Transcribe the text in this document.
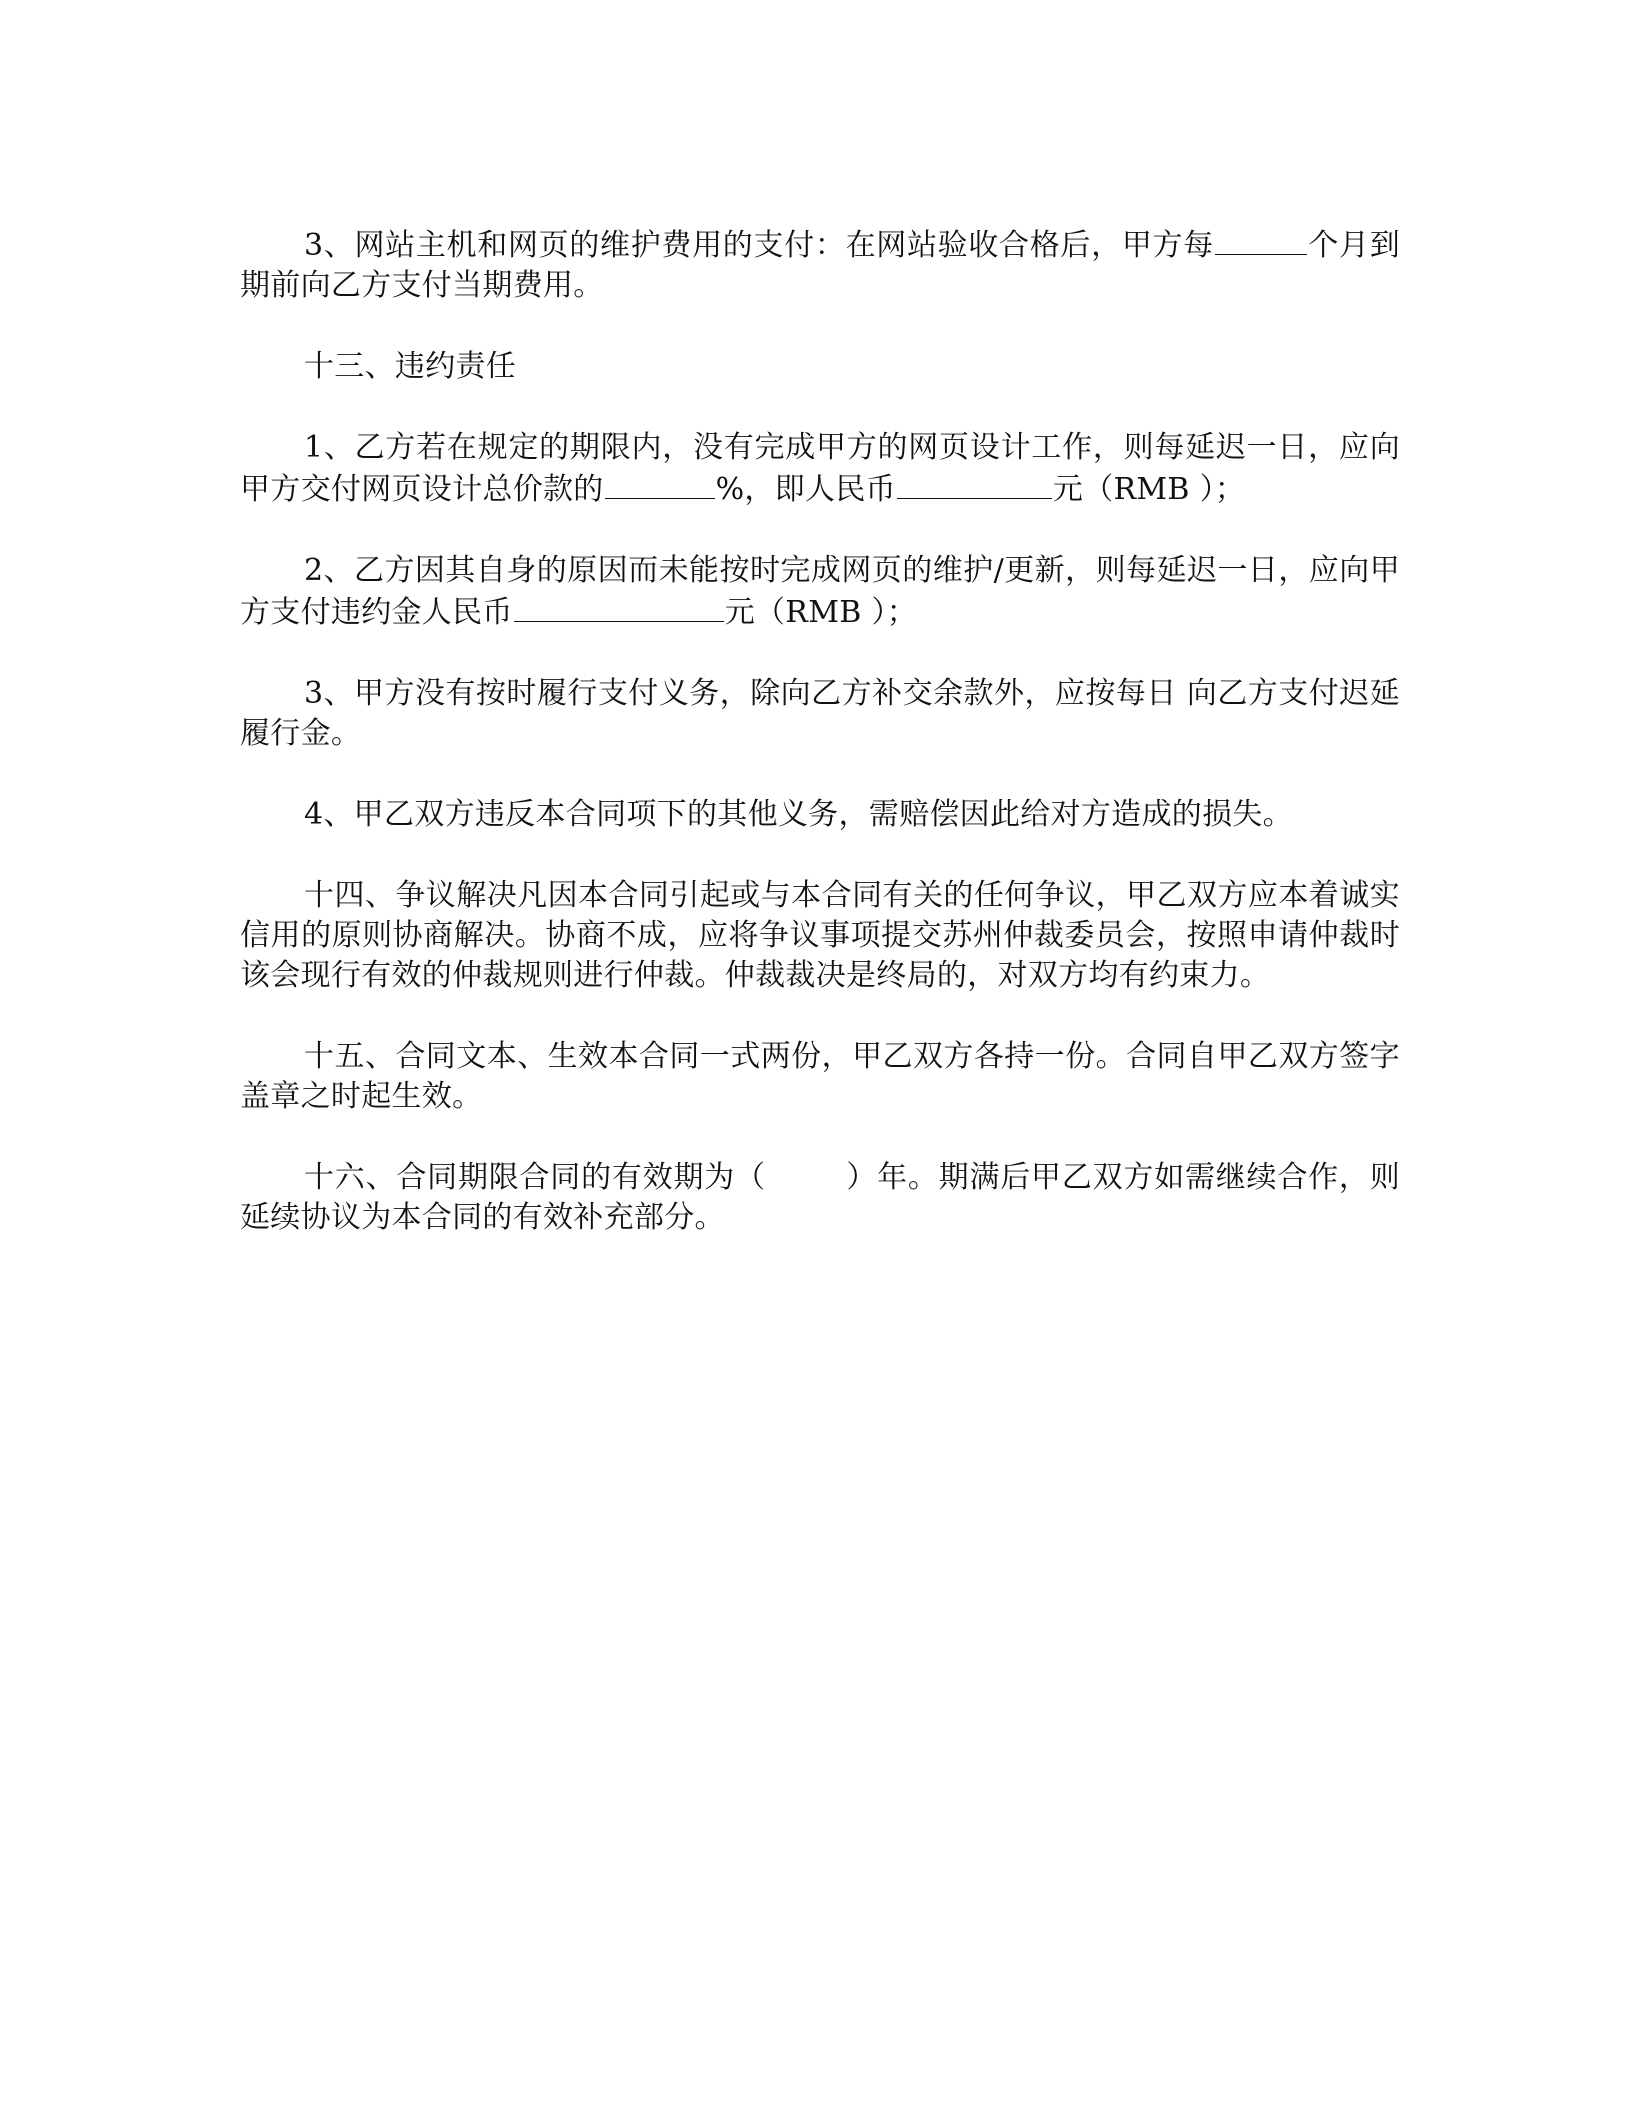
3、网站主机和网页的维护费用的支付：在网站验收合格后，甲方每	个月到期前向乙方支付当期费用。

十三、违约责任

1、乙方若在规定的期限内，没有完成甲方的网页设计工作，则每延迟一日，应向甲方交付网页设计总价款的	%，即人民币	元（RMB ）；

2、乙方因其自身的原因而未能按时完成网页的维护/更新，则每延迟一日，应向甲方支付违约金人民币	元（RMB ）；

3、甲方没有按时履行支付义务，除向乙方补交余款外，应按每日 向乙方支付迟延履行金。

4、甲乙双方违反本合同项下的其他义务，需赔偿因此给对方造成的损失。

十四、争议解决凡因本合同引起或与本合同有关的任何争议，甲乙双方应本着诚实信用的原则协商解决。协商不成，应将争议事项提交苏州仲裁委员会，按照申请仲裁时该会现行有效的仲裁规则进行仲裁。仲裁裁决是终局的，对双方均有约束力。

十五、合同文本、生效本合同一式两份，甲乙双方各持一份。合同自甲乙双方签字盖章之时起生效。

十六、合同期限合同的有效期为（	）年。期满后甲乙双方如需继续合作，则延续协议为本合同的有效补充部分。
